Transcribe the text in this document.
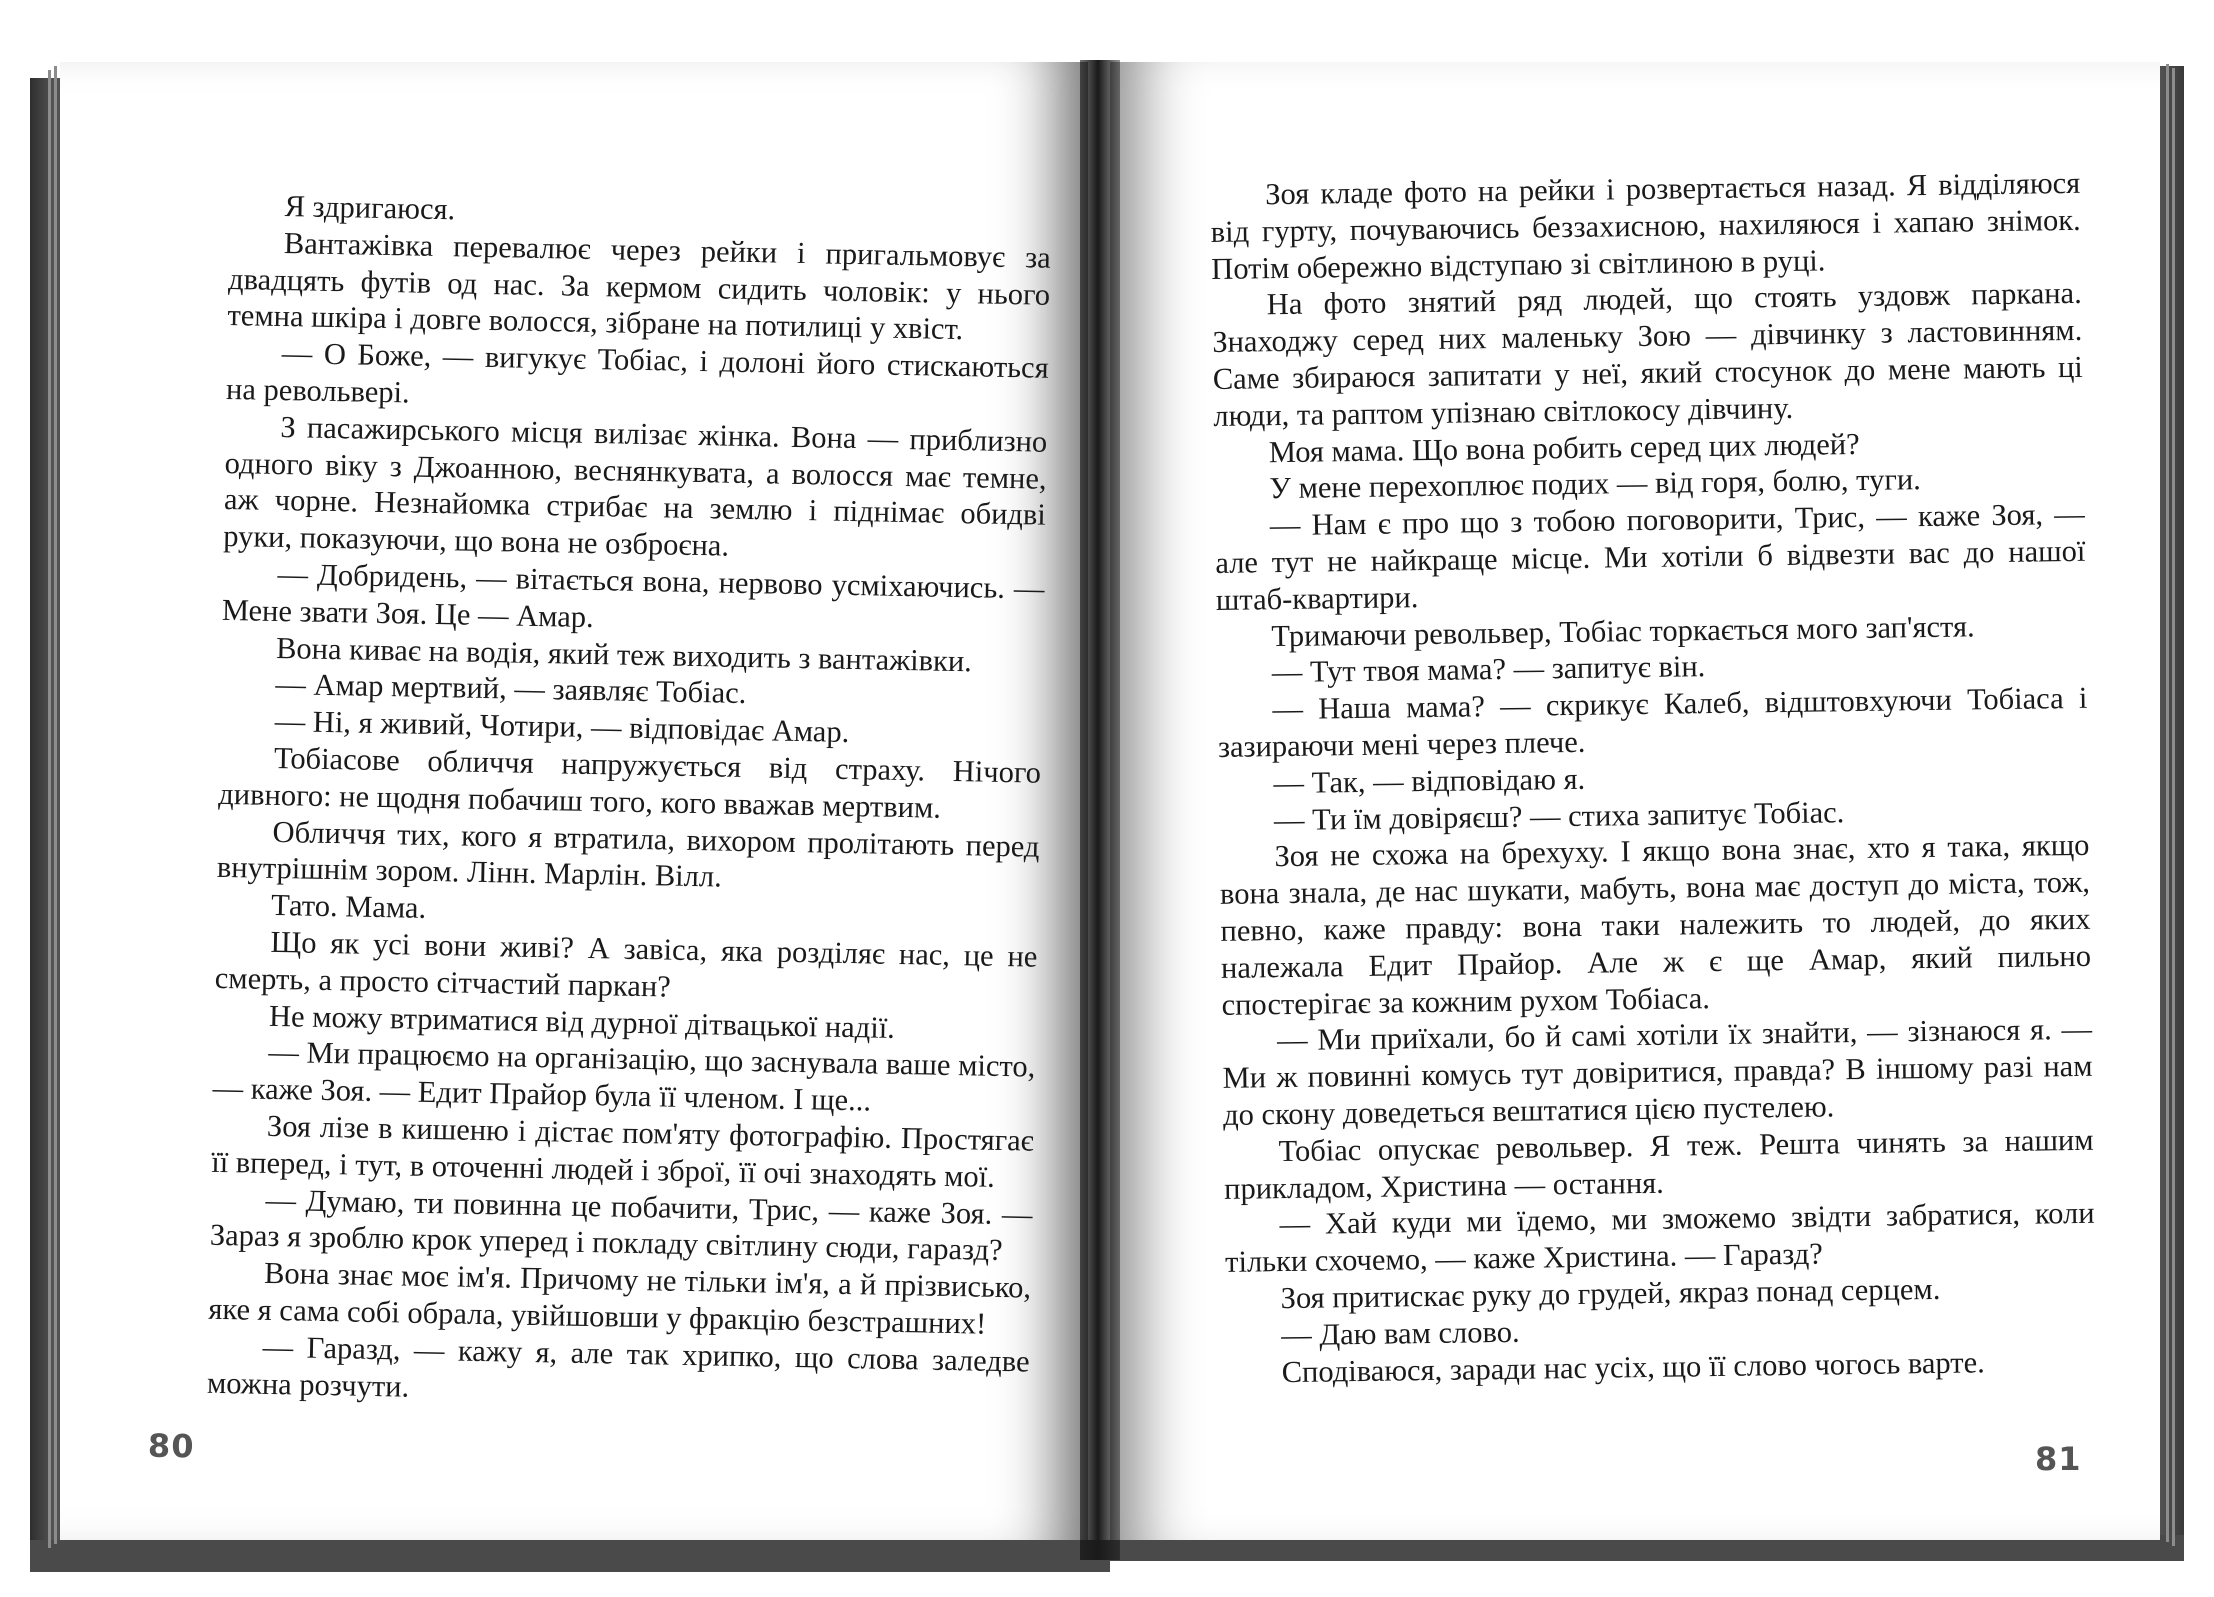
Я здригаюся.

Вантажівка перевалює через рейки і пригальмовує за двадцять футів од нас. За кермом сидить чоловік: у нього темна шкіра і довге волосся, зібране на потилиці у хвіст.

— О Боже, — вигукує Тобіас, і долоні його стискаються на револьвері.

З пасажирського місця вилізає жінка. Вона — приблизно одного віку з Джоанною, веснянкувата, а волосся має темне, аж чорне. Незнайомка стрибає на землю і піднімає обидві руки, показуючи, що вона не озброєна.

— Добридень, — вітається вона, нервово усміхаючись. — Мене звати Зоя. Це — Амар.

Вона киває на водія, який теж виходить з вантажівки.

— Амар мертвий, — заявляє Тобіас.

— Ні, я живий, Чотири, — відповідає Амар.

Тобіасове обличчя напружується від страху. Нічого дивного: не щодня побачиш того, кого вважав мертвим.

Обличчя тих, кого я втратила, вихором пролітають перед внутрішнім зором. Лінн. Марлін. Вілл.

Тато. Мама.

Що як усі вони живі? А завіса, яка розділяє нас, це не смерть, а просто сітчастий паркан?

Не можу втриматися від дурної дітвацької надії.

— Ми працюємо на організацію, що заснувала ваше місто, — каже Зоя. — Едит Прайор була її членом. І ще...

Зоя лізе в кишеню і дістає пом'яту фотографію. Простягає її вперед, і тут, в оточенні людей і зброї, її очі знаходять мої.

— Думаю, ти повинна це побачити, Трис, — каже Зоя. — Зараз я зроблю крок уперед і покладу світлину сюди, гаразд?

Вона знає моє ім'я. Причому не тільки ім'я, а й прізвисько, яке я сама собі обрала, увійшовши у фракцію безстрашних!

— Гаразд, — кажу я, але так хрипко, що слова заледве можна розчути.

80

Зоя кладе фото на рейки і розвертається назад. Я відділяюся від гурту, почуваючись беззахисною, нахиляюся і хапаю знімок. Потім обережно відступаю зі світлиною в руці.

На фото знятий ряд людей, що стоять уздовж паркана. Знаходжу серед них маленьку Зою — дівчинку з ластовинням. Саме збираюся запитати у неї, який стосунок до мене мають ці люди, та раптом упізнаю світлокосу дівчину.

Моя мама. Що вона робить серед цих людей?

У мене перехоплює подих — від горя, болю, туги.

— Нам є про що з тобою поговорити, Трис, — каже Зоя, — але тут не найкраще місце. Ми хотіли б відвезти вас до нашої штаб-квартири.

Тримаючи револьвер, Тобіас торкається мого зап'ястя.

— Тут твоя мама? — запитує він.

— Наша мама? — скрикує Калеб, відштовхуючи Тобіаса і зазираючи мені через плече.

— Так, — відповідаю я.

— Ти їм довіряєш? — стиха запитує Тобіас.

Зоя не схожа на брехуху. І якщо вона знає, хто я така, якщо вона знала, де нас шукати, мабуть, вона має доступ до міста, тож, певно, каже правду: вона таки належить то людей, до яких належала Едит Прайор. Але ж є ще Амар, який пильно спостерігає за кожним рухом Тобіаса.

— Ми приїхали, бо й самі хотіли їх знайти, — зізнаюся я. — Ми ж повинні комусь тут довіритися, правда? В іншому разі нам до скону доведеться вештатися цією пустелею.

Тобіас опускає револьвер. Я теж. Решта чинять за нашим прикладом, Христина — остання.

— Хай куди ми їдемо, ми зможемо звідти забратися, коли тільки схочемо, — каже Христина. — Гаразд?

Зоя притискає руку до грудей, якраз понад серцем.

— Даю вам слово.

Сподіваюся, заради нас усіх, що її слово чогось варте.

81
